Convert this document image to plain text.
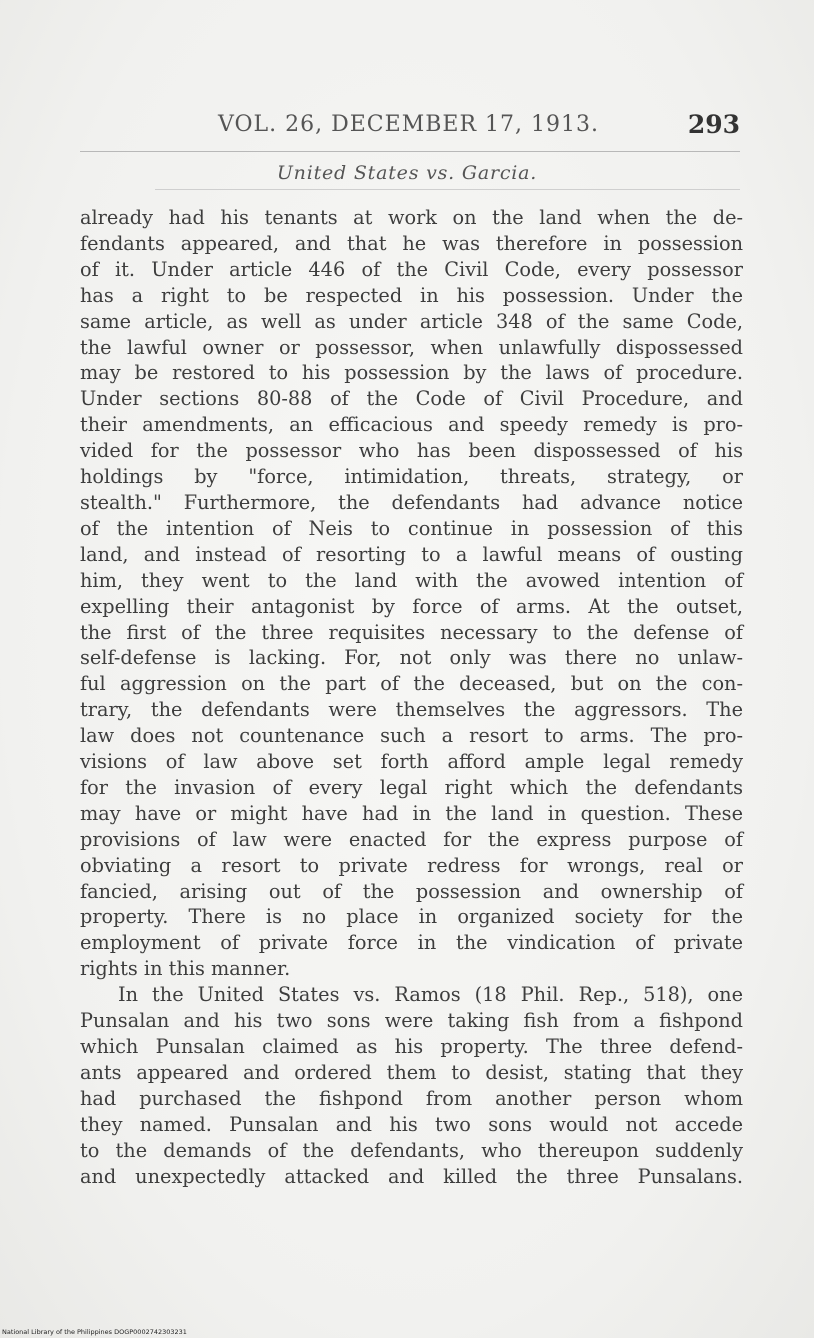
VOL. 26, DECEMBER 17, 1913.	293
United States vs. Garcia.

already had his tenants at work on the land when the de-
fendants appeared, and that he was therefore in possession
of it. Under article 446 of the Civil Code, every possessor
has a right to be respected in his possession. Under the
same article, as well as under article 348 of the same Code,
the lawful owner or possessor, when unlawfully dispossessed
may be restored to his possession by the laws of procedure.
Under sections 80-88 of the Code of Civil Procedure, and
their amendments, an efficacious and speedy remedy is pro-
vided for the possessor who has been dispossessed of his
holdings by "force, intimidation, threats, strategy, or
stealth." Furthermore, the defendants had advance notice
of the intention of Neis to continue in possession of this
land, and instead of resorting to a lawful means of ousting
him, they went to the land with the avowed intention of
expelling their antagonist by force of arms. At the outset,
the first of the three requisites necessary to the defense of
self-defense is lacking. For, not only was there no unlaw-
ful aggression on the part of the deceased, but on the con-
trary, the defendants were themselves the aggressors. The
law does not countenance such a resort to arms. The pro-
visions of law above set forth afford ample legal remedy
for the invasion of every legal right which the defendants
may have or might have had in the land in question. These
provisions of law were enacted for the express purpose of
obviating a resort to private redress for wrongs, real or
fancied, arising out of the possession and ownership of
property. There is no place in organized society for the
employment of private force in the vindication of private
rights in this manner.

In the United States vs. Ramos (18 Phil. Rep., 518), one
Punsalan and his two sons were taking fish from a fishpond
which Punsalan claimed as his property. The three defend-
ants appeared and ordered them to desist, stating that they
had purchased the fishpond from another person whom
they named. Punsalan and his two sons would not accede
to the demands of the defendants, who thereupon suddenly
and unexpectedly attacked and killed the three Punsalans.

National Library of the Philippines DOGP0002742303231
